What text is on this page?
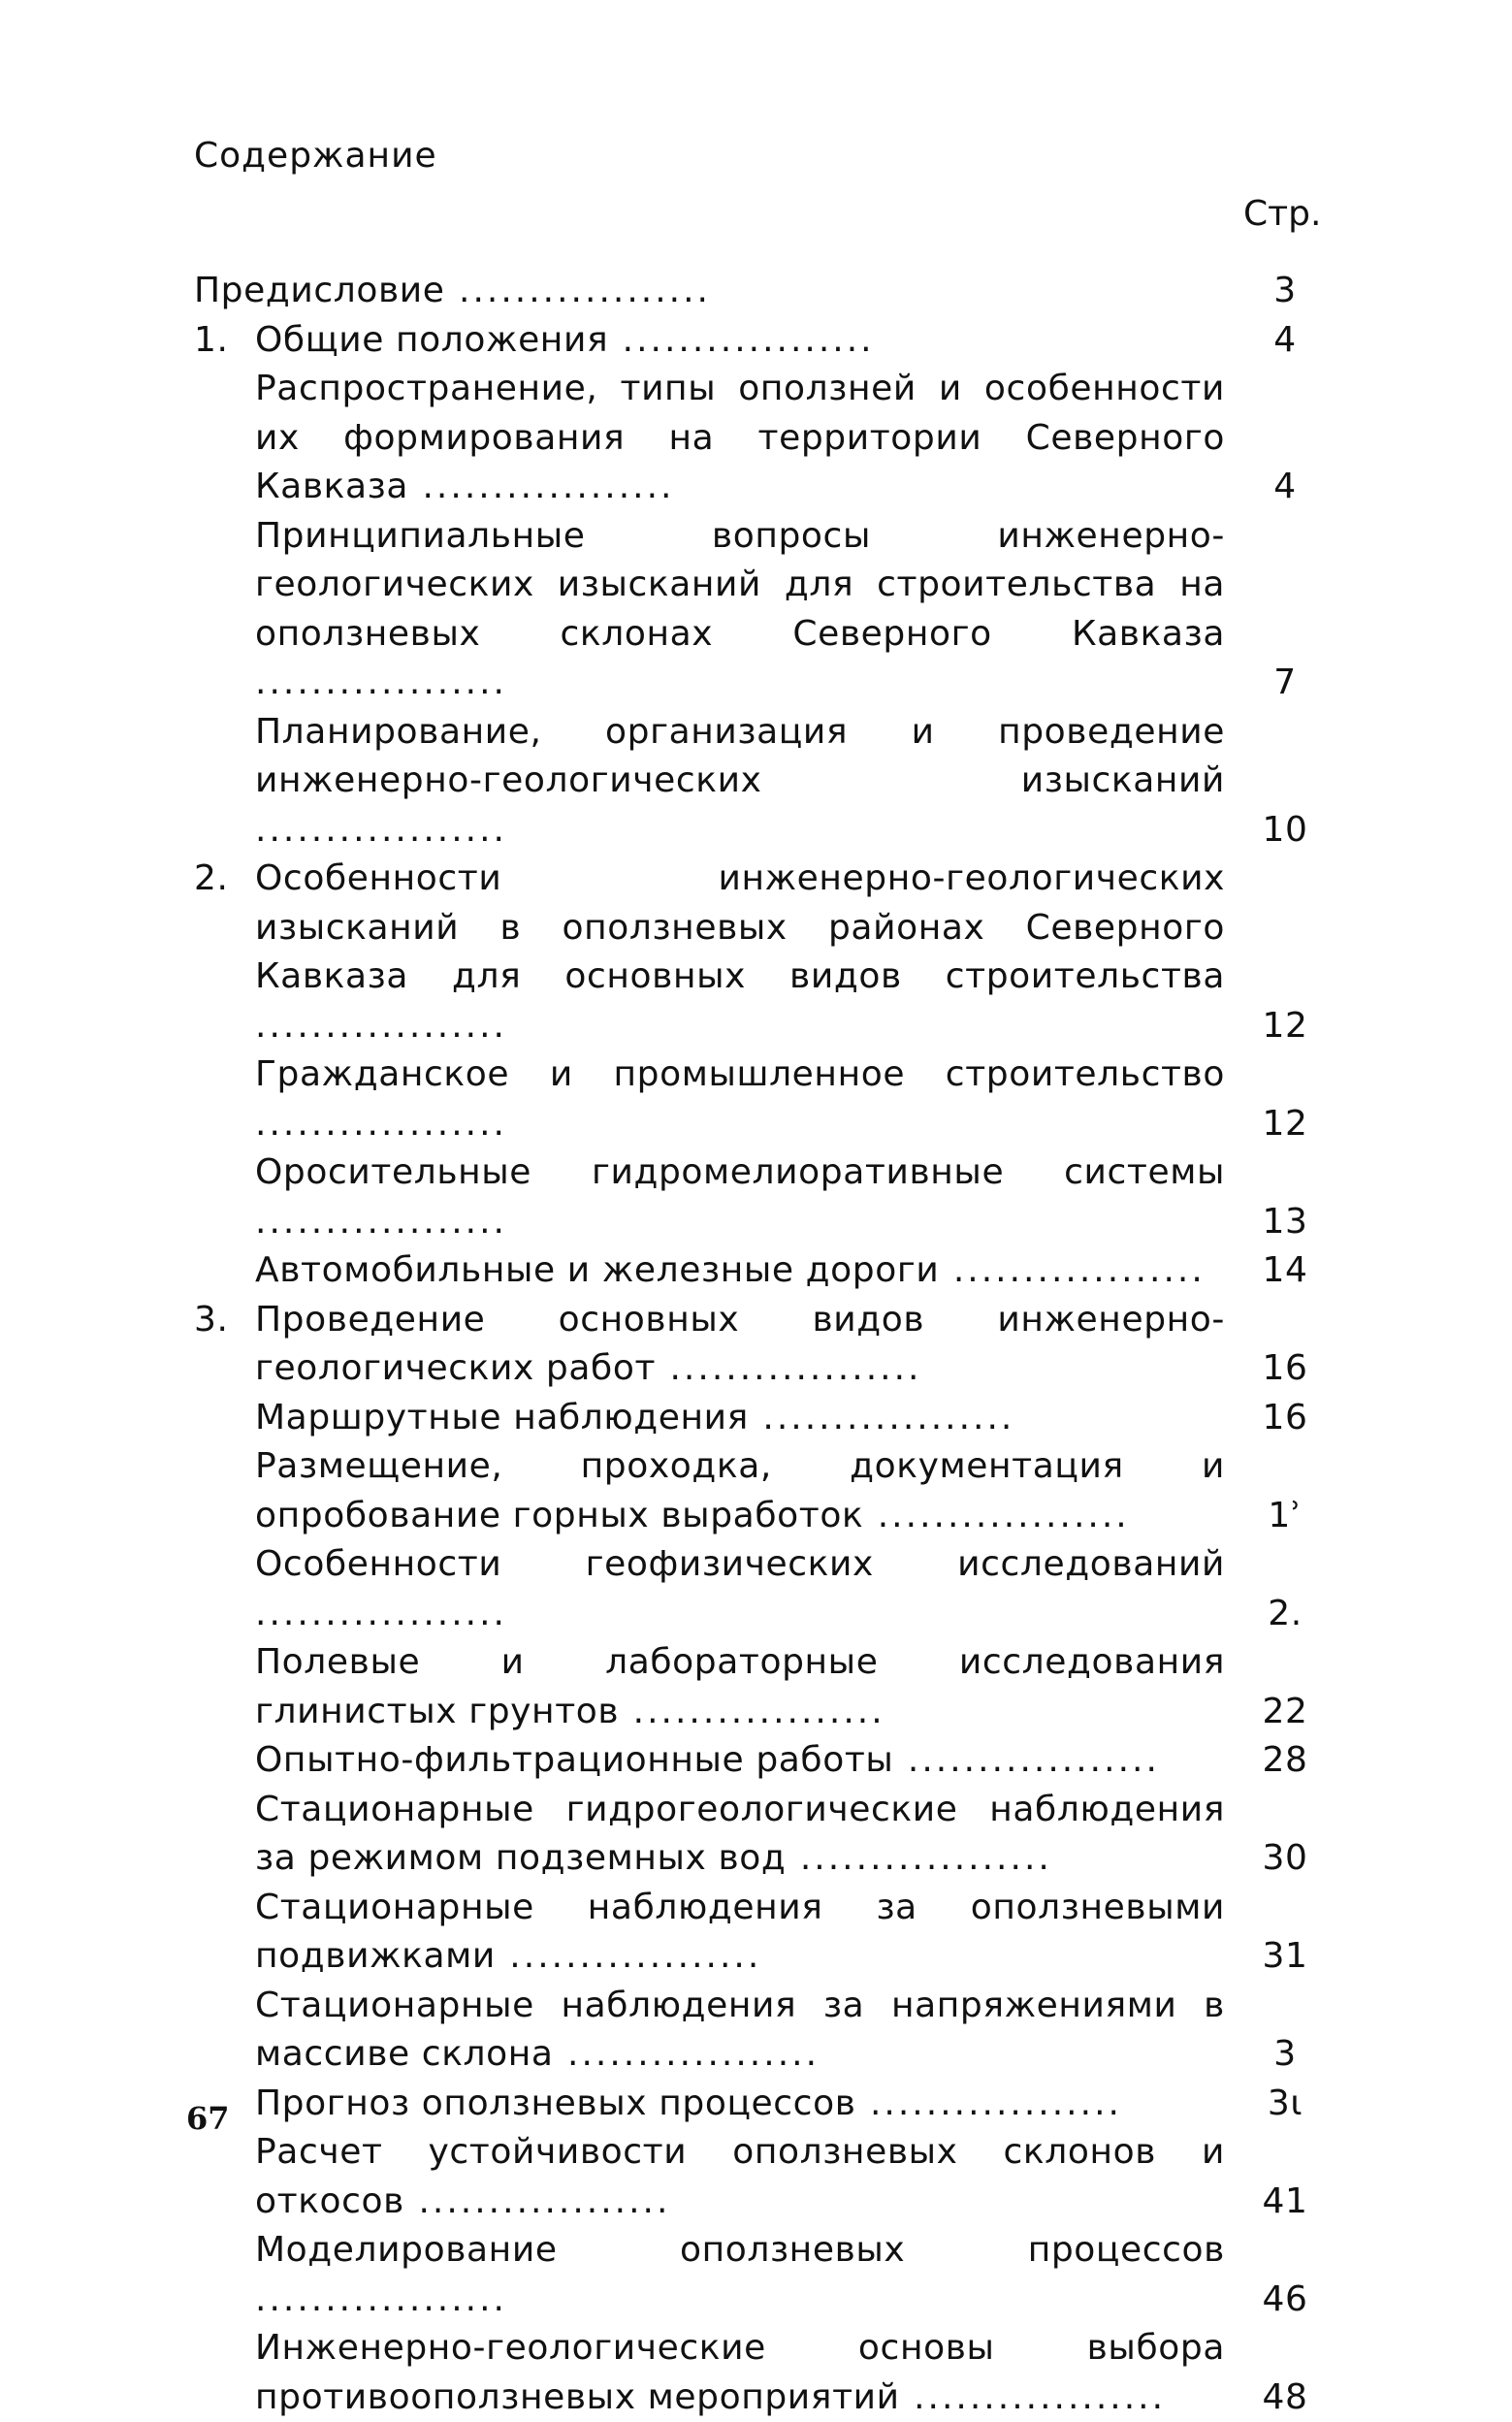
Содержание
Стр.
Предисловие ..................	3
1. Общие положения ..................	4
Распространение, типы оползней и особенности их формирования на территории Северного Кавказа ..................	4
Принципиальные вопросы инженерно-геологических изысканий для строительства на оползневых склонах Северного Кавказа ..................	7
Планирование, организация и проведение инженерно-геологических изысканий ..................	10
2. Особенности инженерно-геологических изысканий в оползневых районах Северного Кавказа для основных видов строительства ..................	12
Гражданское и промышленное строительство ..................	12
Оросительные гидромелиоративные системы ..................	13
Автомобильные и железные дороги ..................	14
3. Проведение основных видов инженерно-геологических работ ..................	16
Маршрутные наблюдения ..................	16
Размещение, проходка, документация и опробование горных выработок ..................	1ʾ
Особенности геофизических исследований ..................	2.
Полевые и лабораторные исследования глинистых грунтов ..................	22
Опытно-фильтрационные работы ..................	28
Стационарные гидрогеологические наблюдения за режимом подземных вод ..................	30
Стационарные наблюдения за оползневыми подвижками ..................	31
Стационарные наблюдения за напряжениями в массиве склона ..................	3
Прогноз оползневых процессов ..................	3ι
Расчет устойчивости оползневых склонов и откосов ..................	41
Моделирование оползневых процессов ..................	46
Инженерно-геологические основы выбора противооползневых мероприятий ..................	48
67
